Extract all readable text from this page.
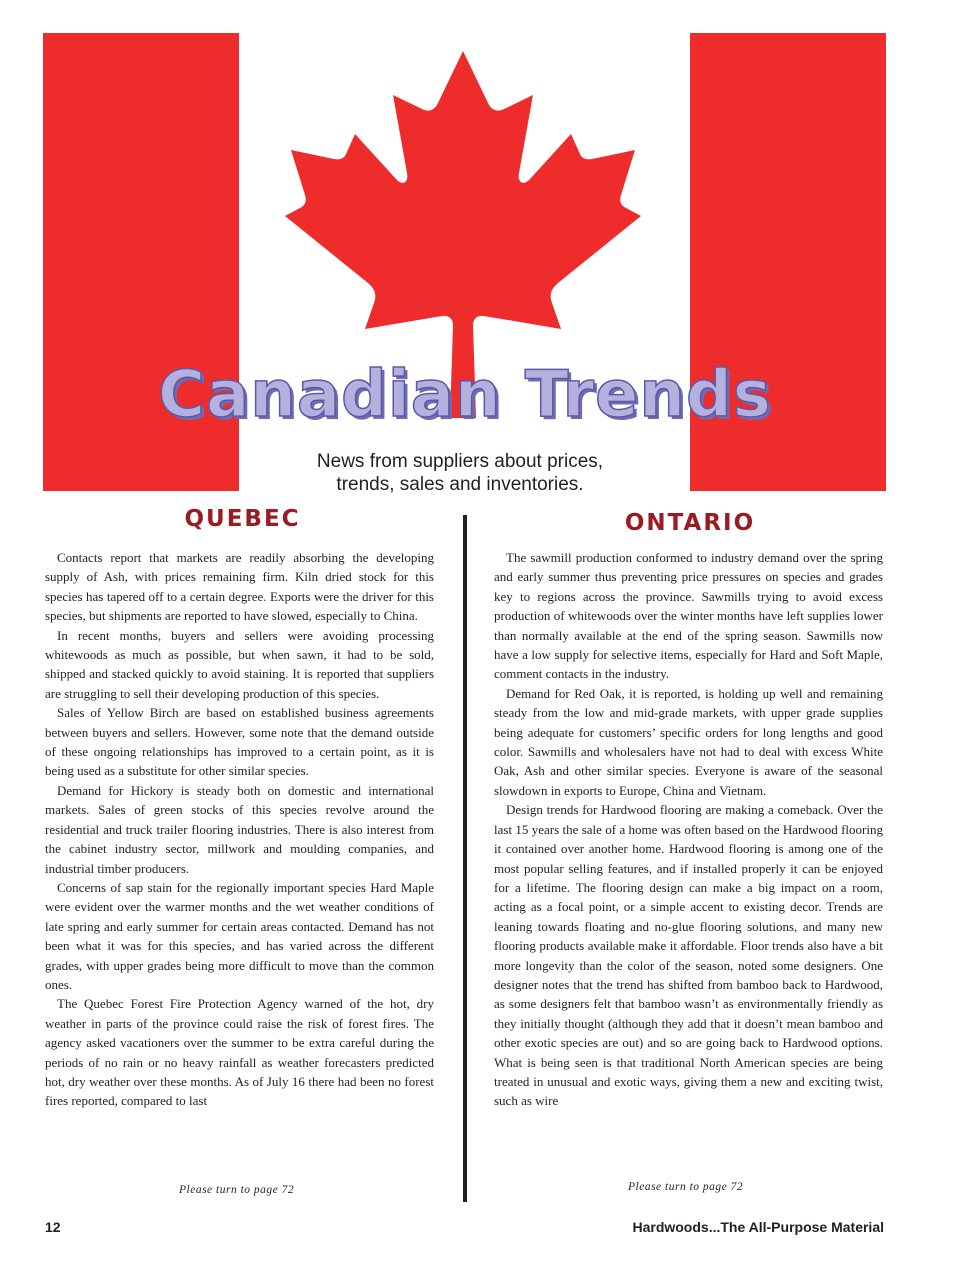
Canadian Trends
News from suppliers about prices,
trends, sales and inventories.
QUEBEC	ONTARIO

Contacts report that markets are readily absorbing the developing supply of Ash, with prices remaining firm. Kiln dried stock for this species has tapered off to a certain degree. Exports were the driver for this species, but shipments are reported to have slowed, especially to China.

In recent months, buyers and sellers were avoiding processing whitewoods as much as possible, but when sawn, it had to be sold, shipped and stacked quickly to avoid staining. It is reported that suppliers are struggling to sell their developing production of this species.

Sales of Yellow Birch are based on established business agreements between buyers and sellers. However, some note that the demand outside of these ongoing relationships has improved to a certain point, as it is being used as a substitute for other similar species.

Demand for Hickory is steady both on domestic and international markets. Sales of green stocks of this species revolve around the residential and truck trailer flooring industries. There is also interest from the cabinet industry sector, millwork and moulding companies, and industrial timber producers.

Concerns of sap stain for the regionally important species Hard Maple were evident over the warmer months and the wet weather conditions of late spring and early summer for certain areas contacted. Demand has not been what it was for this species, and has varied across the different grades, with upper grades being more difficult to move than the common ones.

The Quebec Forest Fire Protection Agency warned of the hot, dry weather in parts of the province could raise the risk of forest fires. The agency asked vacationers over the summer to be extra careful during the periods of no rain or no heavy rainfall as weather forecasters predicted hot, dry weather over these months. As of July 16 there had been no forest fires reported, compared to last

The sawmill production conformed to industry demand over the spring and early summer thus preventing price pressures on species and grades key to regions across the province. Sawmills trying to avoid excess production of whitewoods over the winter months have left supplies lower than normally available at the end of the spring season. Sawmills now have a low supply for selective items, especially for Hard and Soft Maple, comment contacts in the industry.

Demand for Red Oak, it is reported, is holding up well and remaining steady from the low and mid-grade markets, with upper grade supplies being adequate for customers’ specific orders for long lengths and good color. Sawmills and wholesalers have not had to deal with excess White Oak, Ash and other similar species. Everyone is aware of the seasonal slowdown in exports to Europe, China and Vietnam.

Design trends for Hardwood flooring are making a comeback. Over the last 15 years the sale of a home was often based on the Hardwood flooring it contained over another home. Hardwood flooring is among one of the most popular selling features, and if installed properly it can be enjoyed for a lifetime. The flooring design can make a big impact on a room, acting as a focal point, or a simple accent to existing decor. Trends are leaning towards floating and no-glue flooring solutions, and many new flooring products available make it affordable. Floor trends also have a bit more longevity than the color of the season, noted some designers. One designer notes that the trend has shifted from bamboo back to Hardwood, as some designers felt that bamboo wasn’t as environmentally friendly as they initially thought (although they add that it doesn’t mean bamboo and other exotic species are out) and so are going back to Hardwood options. What is being seen is that traditional North American species are being treated in unusual and exotic ways, giving them a new and exciting twist, such as wire

Please turn to page 72	Please turn to page 72
12	Hardwoods...The All-Purpose Material
